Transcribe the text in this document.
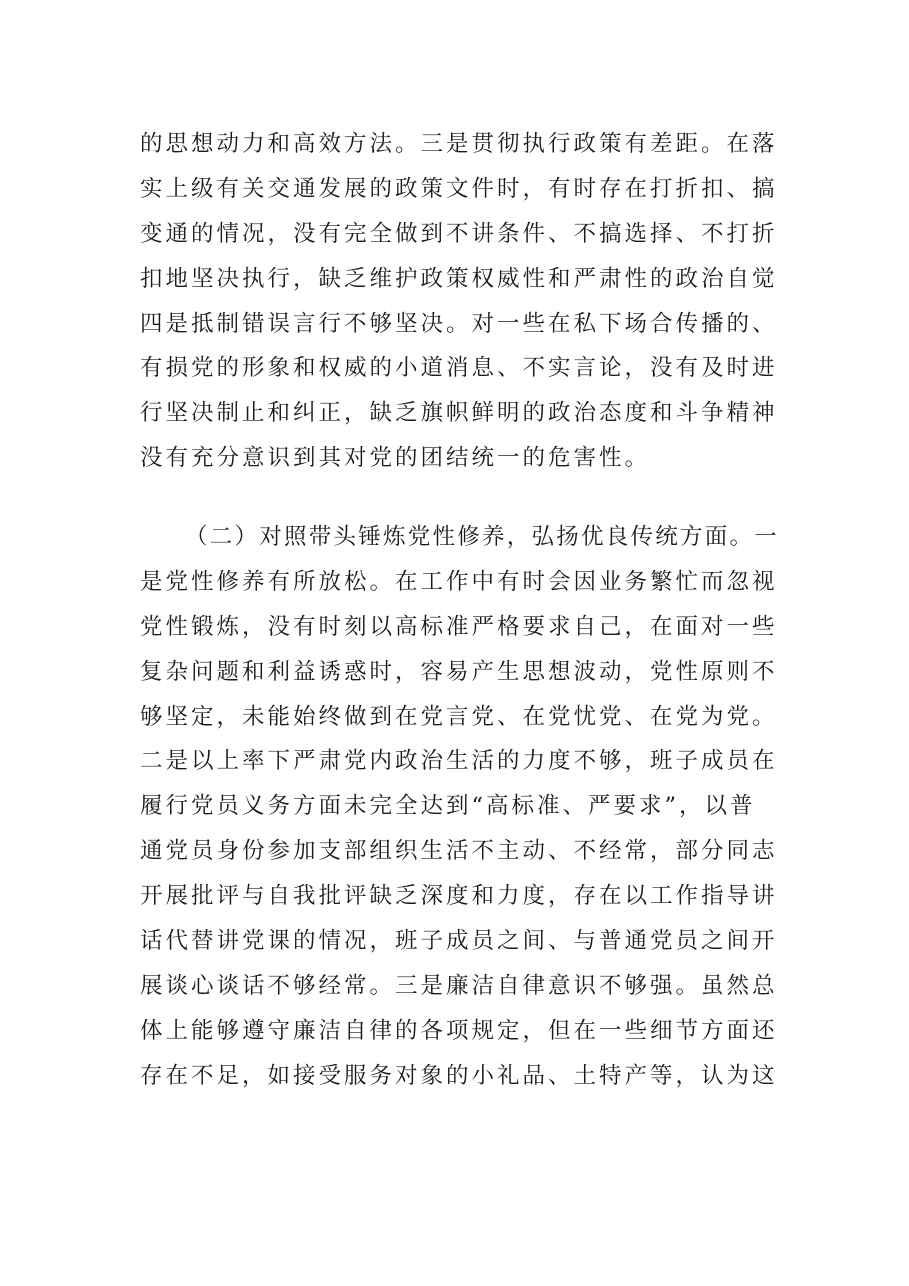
的思想动力和高效方法。三是贯彻执行政策有差距。在落
实上级有关交通发展的政策文件时，有时存在打折扣、搞
变通的情况，没有完全做到不讲条件、不搞选择、不打折
扣地坚决执行，缺乏维护政策权威性和严肃性的政治自觉
四是抵制错误言行不够坚决。对一些在私下场合传播的、
有损党的形象和权威的小道消息、不实言论，没有及时进
行坚决制止和纠正，缺乏旗帜鲜明的政治态度和斗争精神
没有充分意识到其对党的团结统一的危害性。
（二）对照带头锤炼党性修养，弘扬优良传统方面。一
是党性修养有所放松。在工作中有时会因业务繁忙而忽视
党性锻炼，没有时刻以高标准严格要求自己，在面对一些
复杂问题和利益诱惑时，容易产生思想波动，党性原则不
够坚定，未能始终做到在党言党、在党忧党、在党为党。
二是以上率下严肃党内政治生活的力度不够，班子成员在
履行党员义务方面未完全达到“高标准、严要求”，以普
通党员身份参加支部组织生活不主动、不经常，部分同志
开展批评与自我批评缺乏深度和力度，存在以工作指导讲
话代替讲党课的情况，班子成员之间、与普通党员之间开
展谈心谈话不够经常。三是廉洁自律意识不够强。虽然总
体上能够遵守廉洁自律的各项规定，但在一些细节方面还
存在不足，如接受服务对象的小礼品、土特产等，认为这
